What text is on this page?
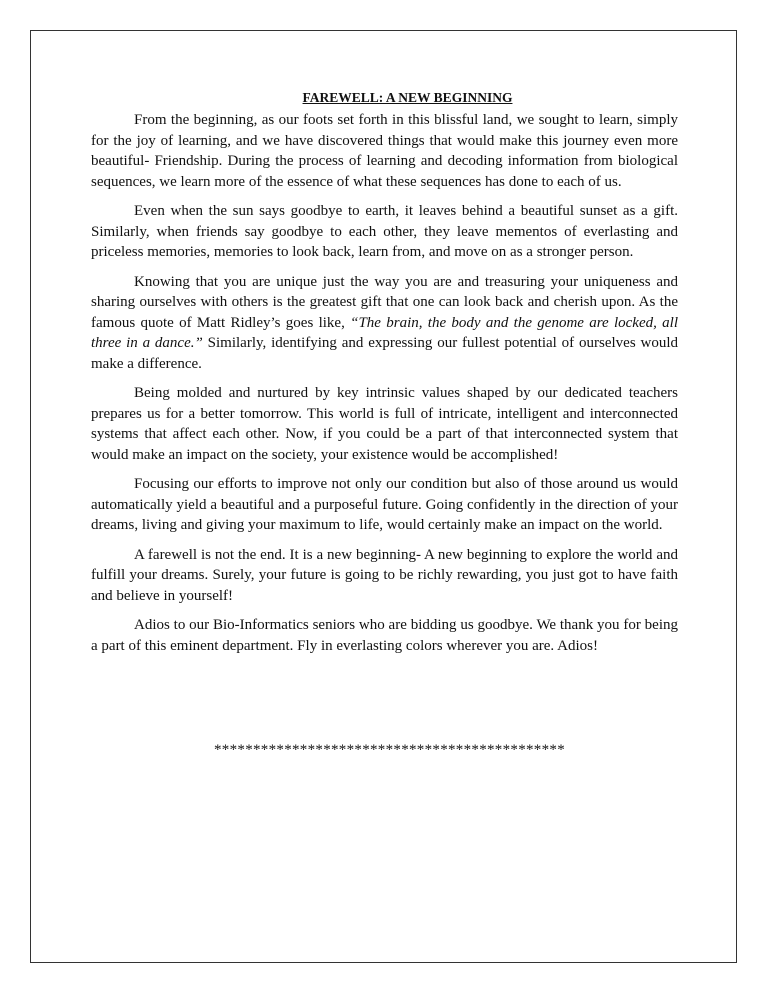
FAREWELL: A NEW BEGINNING

From the beginning, as our foots set forth in this blissful land, we sought to learn, simply for the joy of learning, and we have discovered things that would make this journey even more beautiful- Friendship. During the process of learning and decoding information from biological sequences, we learn more of the essence of what these sequences has done to each of us.

Even when the sun says goodbye to earth, it leaves behind a beautiful sunset as a gift. Similarly, when friends say goodbye to each other, they leave mementos of everlasting and priceless memories, memories to look back, learn from, and move on as a stronger person.

Knowing that you are unique just the way you are and treasuring your uniqueness and sharing ourselves with others is the greatest gift that one can look back and cherish upon. As the famous quote of Matt Ridley’s goes like, “The brain, the body and the genome are locked, all three in a dance.” Similarly, identifying and expressing our fullest potential of ourselves would make a difference.

Being molded and nurtured by key intrinsic values shaped by our dedicated teachers prepares us for a better tomorrow. This world is full of intricate, intelligent and interconnected systems that affect each other. Now, if you could be a part of that interconnected system that would make an impact on the society, your existence would be accomplished!

Focusing our efforts to improve not only our condition but also of those around us would automatically yield a beautiful and a purposeful future. Going confidently in the direction of your dreams, living and giving your maximum to life, would certainly make an impact on the world.

A farewell is not the end. It is a new beginning- A new beginning to explore the world and fulfill your dreams. Surely, your future is going to be richly rewarding, you just got to have faith and believe in yourself!

Adios to our Bio-Informatics seniors who are bidding us goodbye. We thank you for being a part of this eminent department. Fly in everlasting colors wherever you are. Adios!

*********************************************
